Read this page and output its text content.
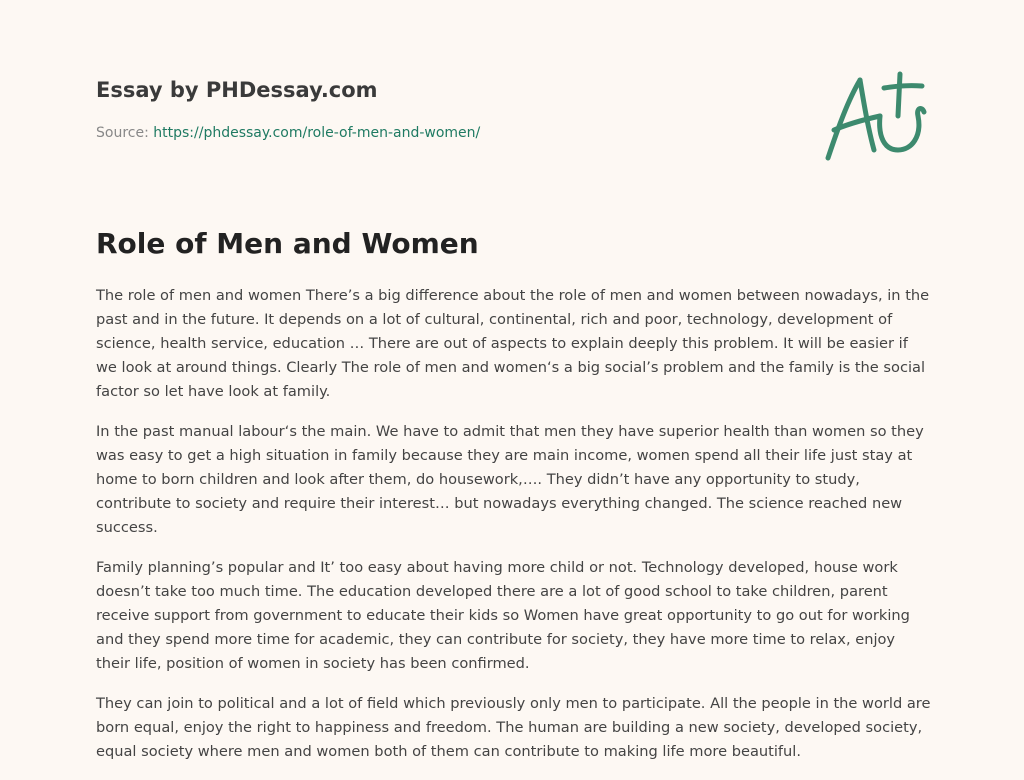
Essay by PHDessay.com
Source: https://phdessay.com/role-of-men-and-women/
Role of Men and Women

The role of men and women There’s a big difference about the role of men and women between nowadays, in the past and in the future. It depends on a lot of cultural, continental, rich and poor, technology, development of science, health service, education … There are out of aspects to explain deeply this problem. It will be easier if we look at around things. Clearly The role of men and women‘s a big social’s problem and the family is the social factor so let have look at family.

In the past manual labour‘s the main. We have to admit that men they have superior health than women so they was easy to get a high situation in family because they are main income, women spend all their life just stay at home to born children and look after them, do housework,…. They didn’t have any opportunity to study, contribute to society and require their interest… but nowadays everything changed. The science reached new success.

Family planning’s popular and It’ too easy about having more child or not. Technology developed, house work doesn’t take too much time. The education developed there are a lot of good school to take children, parent receive support from government to educate their kids so Women have great opportunity to go out for working and they spend more time for academic, they can contribute for society, they have more time to relax, enjoy their life, position of women in society has been confirmed.

They can join to political and a lot of field which previously only men to participate. All the people in the world are born equal, enjoy the right to happiness and freedom. The human are building a new society, developed society, equal society where men and women both of them can contribute to making life more beautiful.
